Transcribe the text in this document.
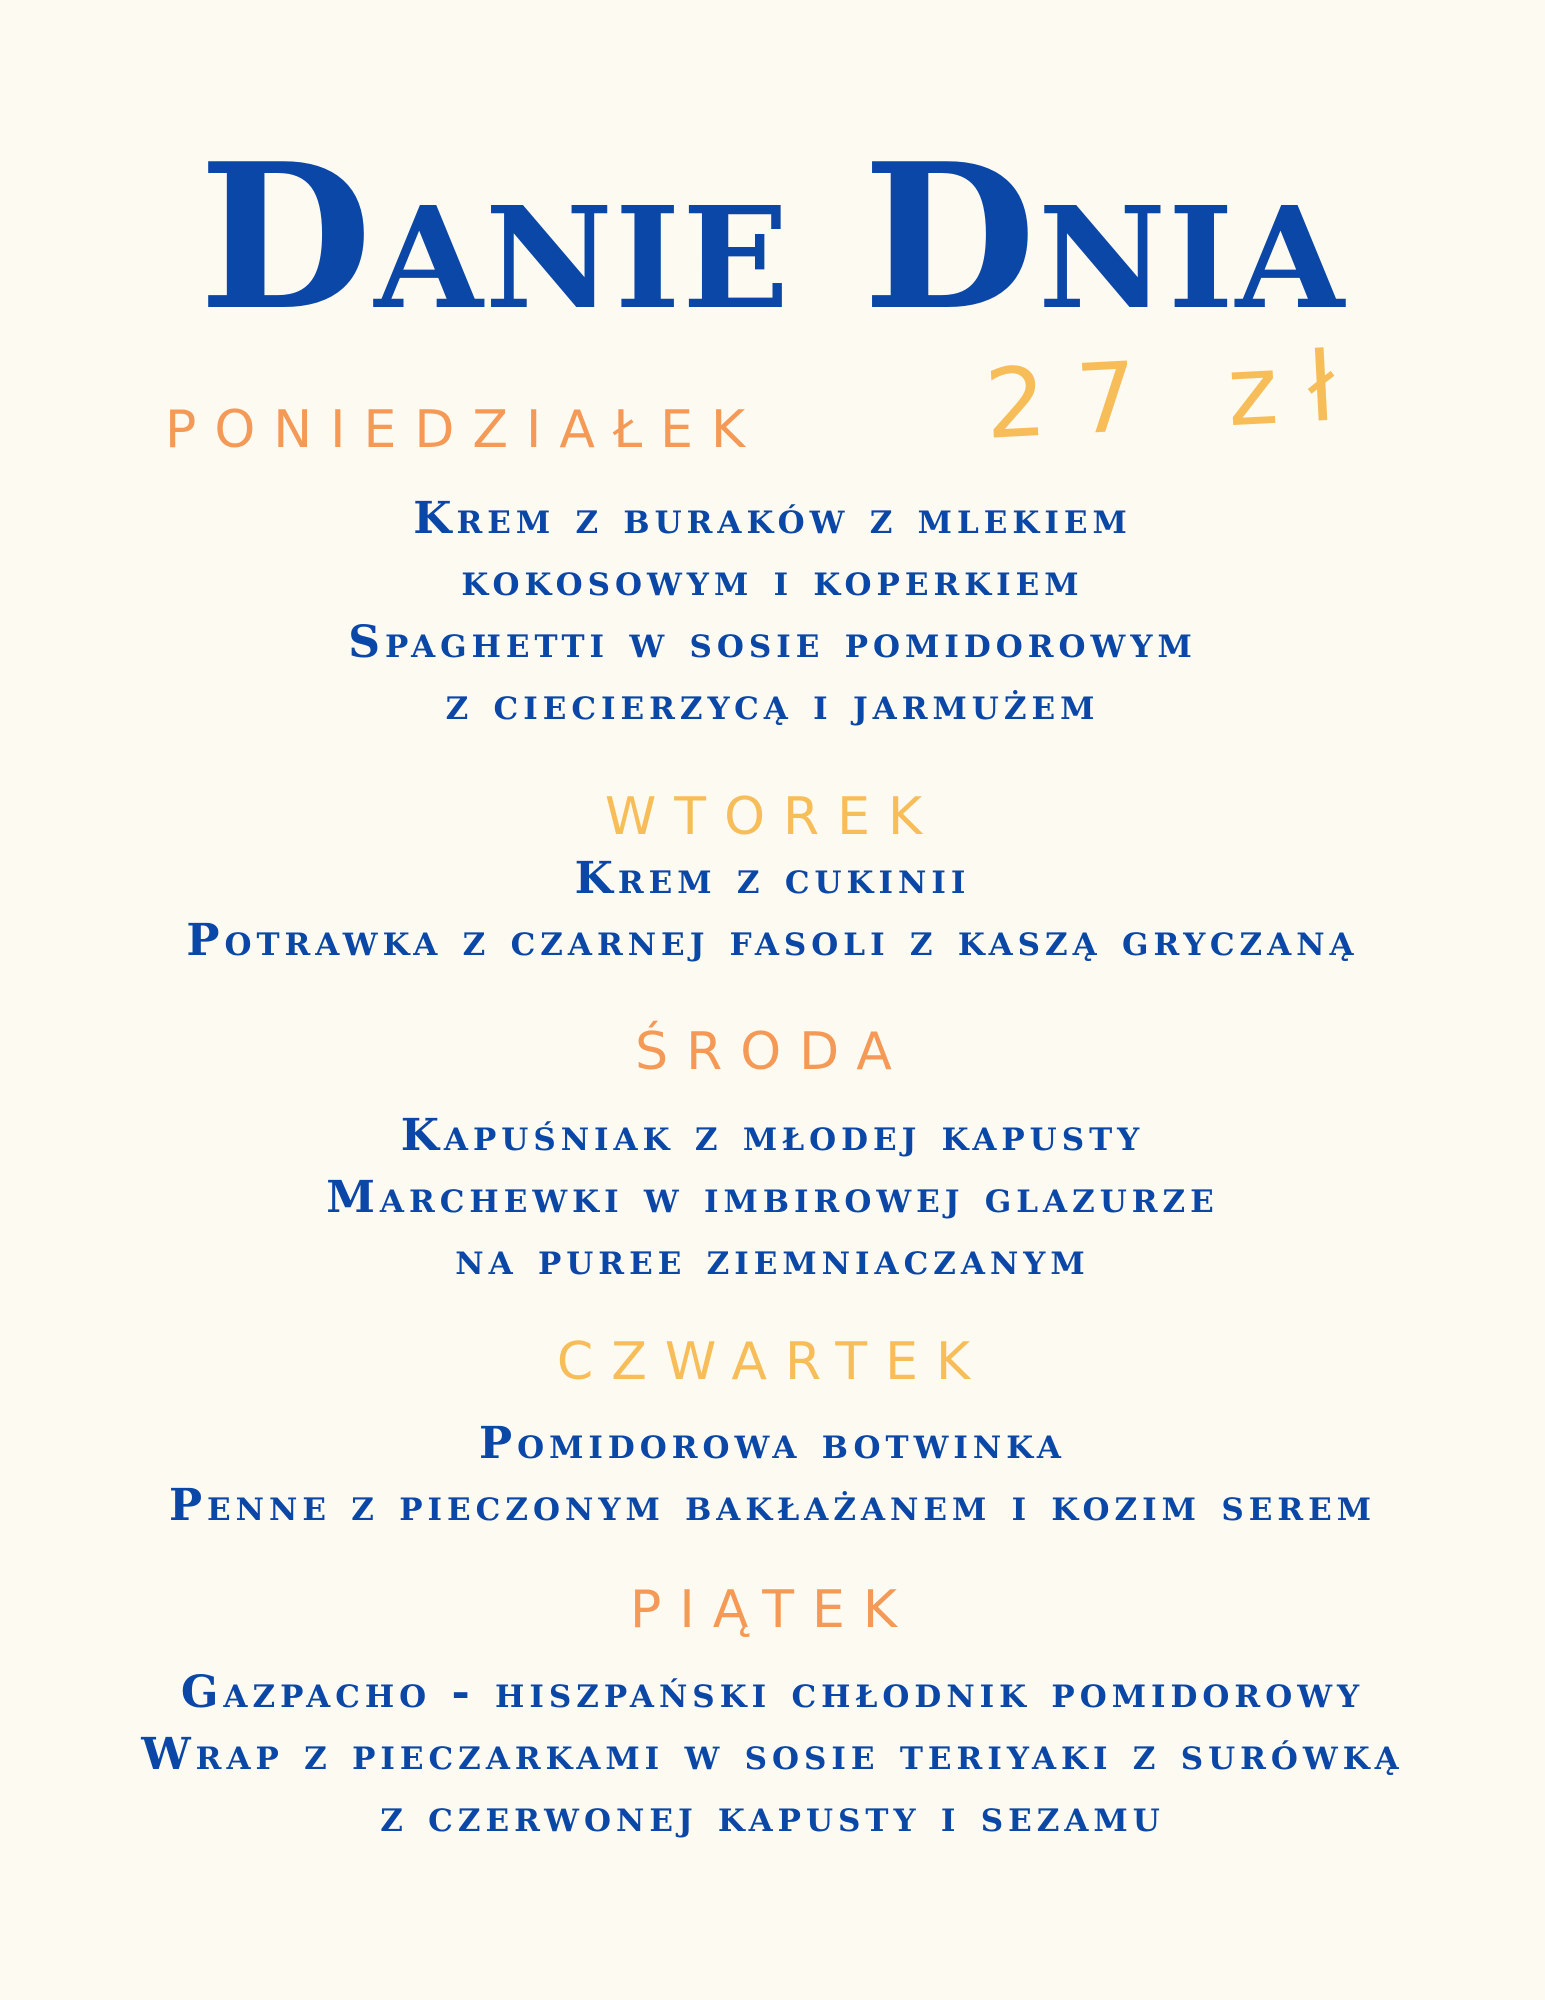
Danie Dnia
27 zł
PONIEDZIAŁEK
Krem z buraków z mlekiem
kokosowym i koperkiem
Spaghetti w sosie pomidorowym
z ciecierzycą i jarmużem
WTOREK
Krem z cukinii
Potrawka z czarnej fasoli z kaszą gryczaną
ŚRODA
Kapuśniak z młodej kapusty
Marchewki w imbirowej glazurze
na puree ziemniaczanym
CZWARTEK
Pomidorowa botwinka
Penne z pieczonym bakłażanem i kozim serem
PIĄTEK
Gazpacho - hiszpański chłodnik pomidorowy
Wrap z pieczarkami w sosie teriyaki z surówką
z czerwonej kapusty i sezamu
